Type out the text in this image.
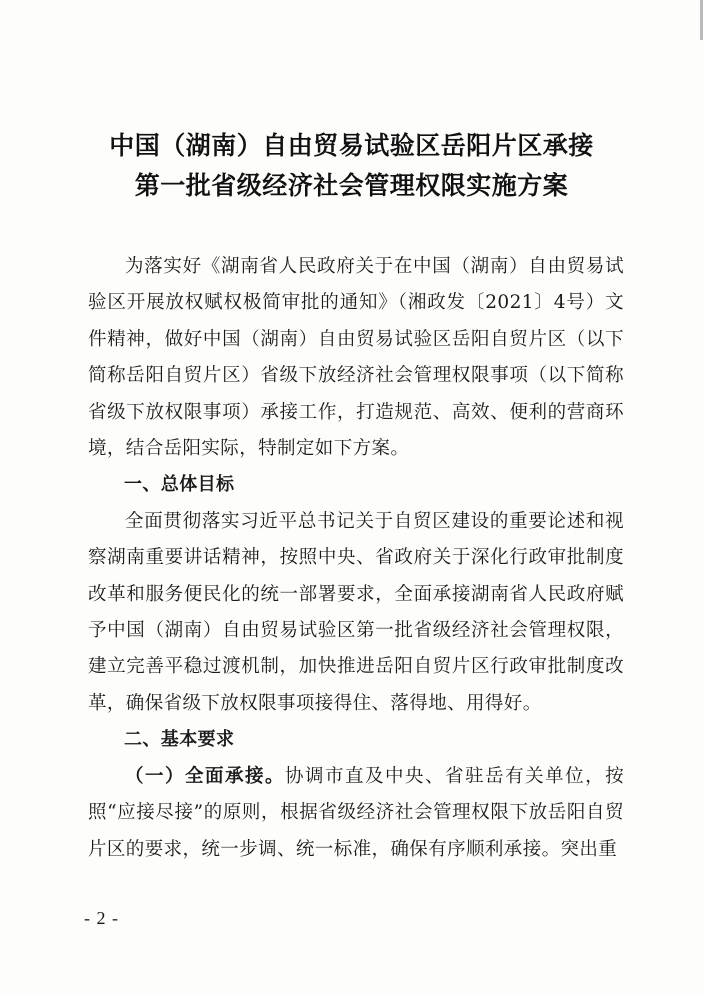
中国（湖南）自由贸易试验区岳阳片区承接
第一批省级经济社会管理权限实施方案

为落实好《湖南省人民政府关于在中国（湖南）自由贸易试验区开展放权赋权极简审批的通知》（湘政发〔2021〕4号）文件精神，做好中国（湖南）自由贸易试验区岳阳自贸片区（以下简称岳阳自贸片区）省级下放经济社会管理权限事项（以下简称省级下放权限事项）承接工作，打造规范、高效、便利的营商环境，结合岳阳实际，特制定如下方案。

一、总体目标

全面贯彻落实习近平总书记关于自贸区建设的重要论述和视察湖南重要讲话精神，按照中央、省政府关于深化行政审批制度改革和服务便民化的统一部署要求，全面承接湖南省人民政府赋予中国（湖南）自由贸易试验区第一批省级经济社会管理权限，建立完善平稳过渡机制，加快推进岳阳自贸片区行政审批制度改革，确保省级下放权限事项接得住、落得地、用得好。

二、基本要求

（一）全面承接。协调市直及中央、省驻岳有关单位，按照“应接尽接”的原则，根据省级经济社会管理权限下放岳阳自贸片区的要求，统一步调、统一标准，确保有序顺利承接。突出重

- 2 -
